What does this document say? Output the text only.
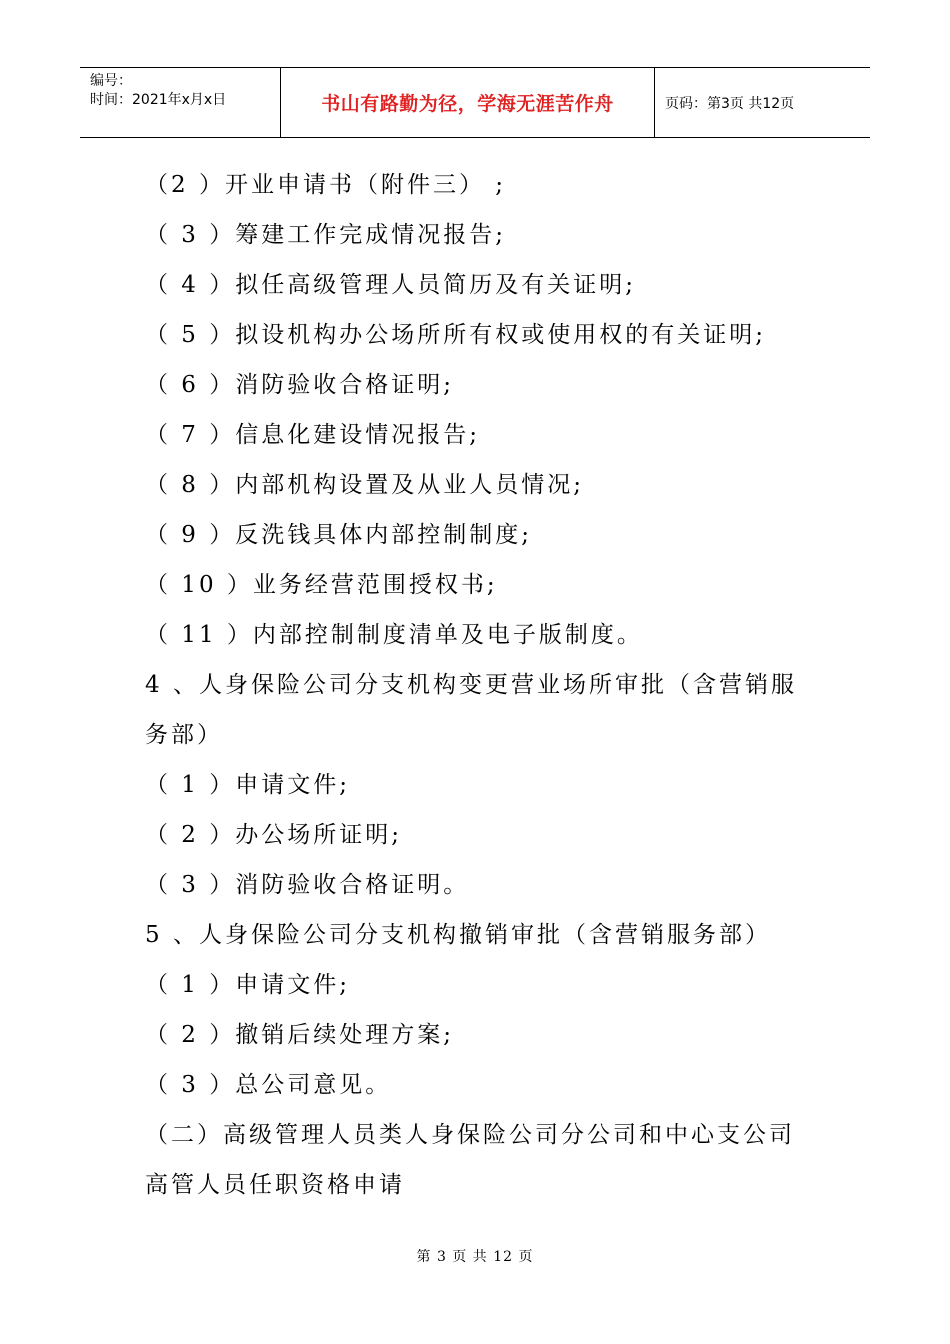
编号：
时间：2021年x月x日	书山有路勤为径，学海无涯苦作舟	页码：第3页 共12页
（2 ）开业申请书（附件三） ;
（ 3 ）筹建工作完成情况报告;
（ 4 ）拟任高级管理人员简历及有关证明;
（ 5 ）拟设机构办公场所所有权或使用权的有关证明;
（ 6 ）消防验收合格证明;
（ 7 ）信息化建设情况报告;
（ 8 ）内部机构设置及从业人员情况;
（ 9 ）反洗钱具体内部控制制度;
（ 10 ）业务经营范围授权书;
（ 11 ）内部控制制度清单及电子版制度。
4 、人身保险公司分支机构变更营业场所审批（含营销服
务部）
（ 1 ）申请文件;
（ 2 ）办公场所证明;
（ 3 ）消防验收合格证明。
5 、人身保险公司分支机构撤销审批（含营销服务部）
（ 1 ）申请文件;
（ 2 ）撤销后续处理方案;
（ 3 ）总公司意见。
（二）高级管理人员类人身保险公司分公司和中心支公司
高管人员任职资格申请
第 3 页 共 12 页
